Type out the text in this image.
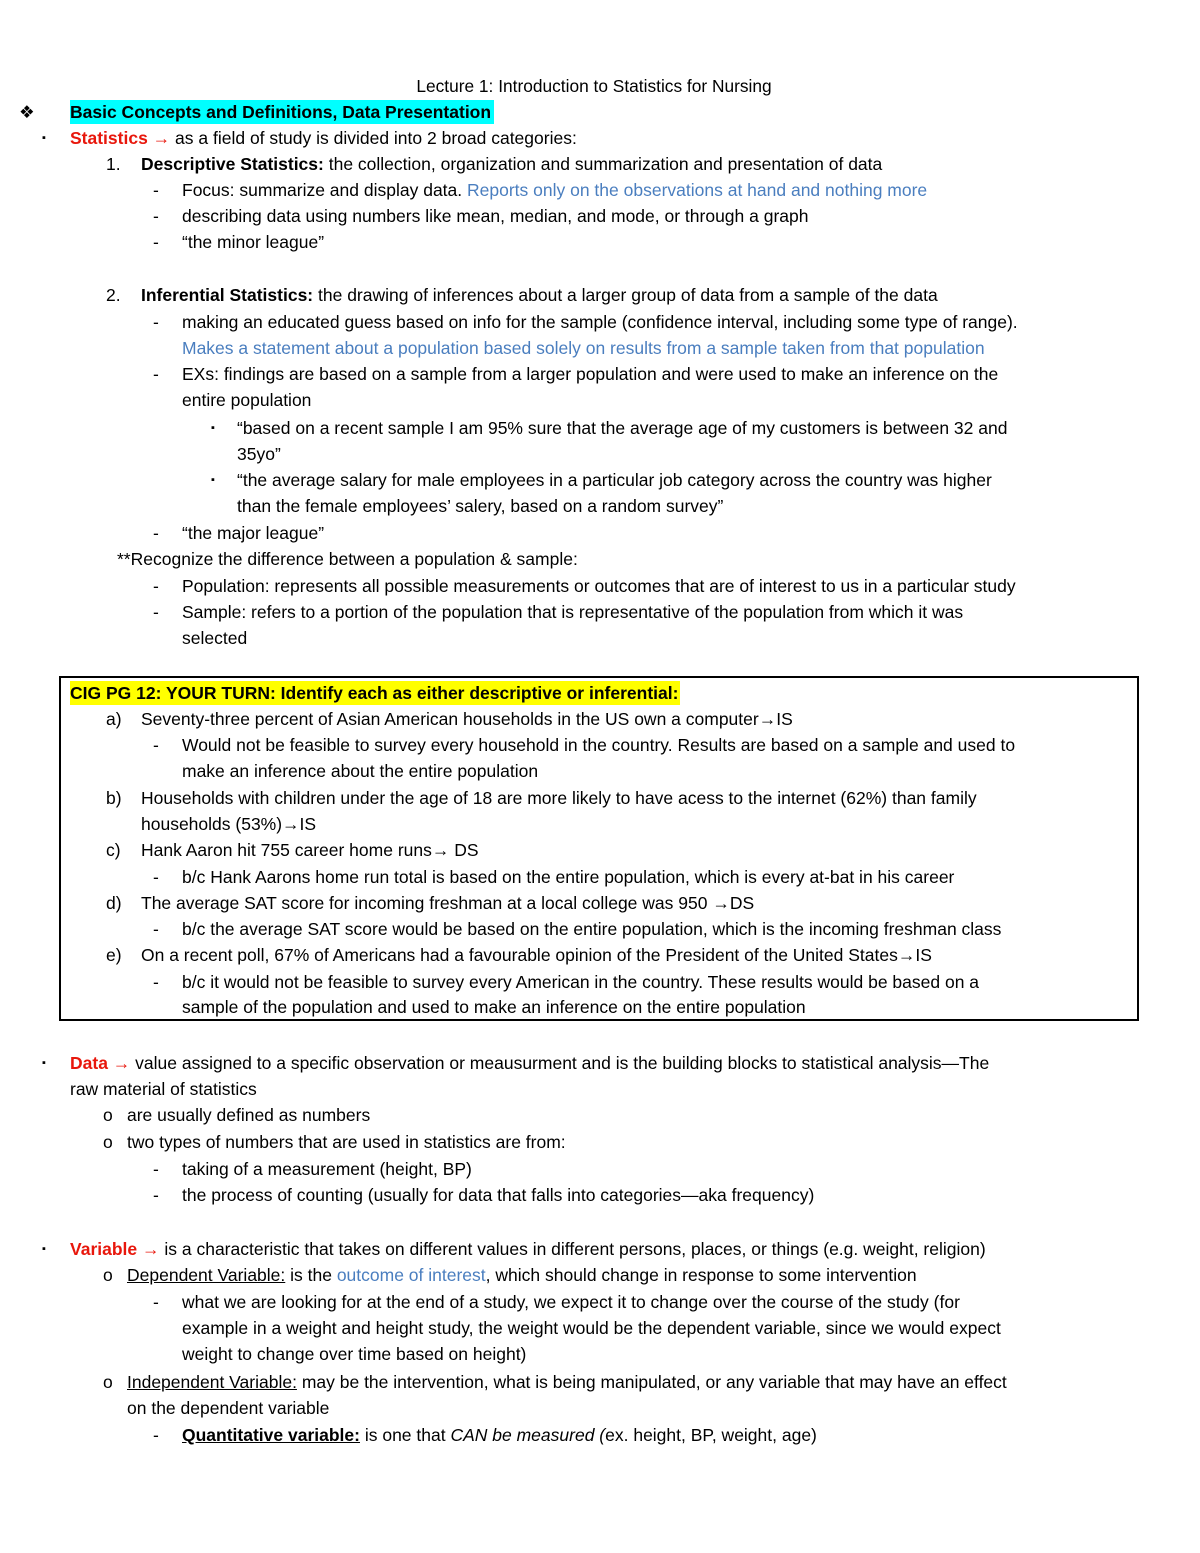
Lecture 1: Introduction to Statistics for Nursing
❖ Basic Concepts and Definitions, Data Presentation
▪ Statistics → as a field of study is divided into 2 broad categories:
1. Descriptive Statistics: the collection, organization and summarization and presentation of data
- Focus: summarize and display data. Reports only on the observations at hand and nothing more
- describing data using numbers like mean, median, and mode, or through a graph
- “the minor league”
2. Inferential Statistics: the drawing of inferences about a larger group of data from a sample of the data
- making an educated guess based on info for the sample (confidence interval, including some type of range).
Makes a statement about a population based solely on results from a sample taken from that population
- EXs: findings are based on a sample from a larger population and were used to make an inference on the
entire population
▪ “based on a recent sample I am 95% sure that the average age of my customers is between 32 and
35yo”
▪ “the average salary for male employees in a particular job category across the country was higher
than the female employees’ salery, based on a random survey”
- “the major league”
**Recognize the difference between a population & sample:
- Population: represents all possible measurements or outcomes that are of interest to us in a particular study
- Sample: refers to a portion of the population that is representative of the population from which it was
selected
CIG PG 12: YOUR TURN: Identify each as either descriptive or inferential:
a) Seventy-three percent of Asian American households in the US own a computer→IS
- Would not be feasible to survey every household in the country. Results are based on a sample and used to
make an inference about the entire population
b) Households with children under the age of 18 are more likely to have acess to the internet (62%) than family
households (53%)→IS
c) Hank Aaron hit 755 career home runs→ DS
- b/c Hank Aarons home run total is based on the entire population, which is every at-bat in his career
d) The average SAT score for incoming freshman at a local college was 950 →DS
- b/c the average SAT score would be based on the entire population, which is the incoming freshman class
e) On a recent poll, 67% of Americans had a favourable opinion of the President of the United States→IS
- b/c it would not be feasible to survey every American in the country. These results would be based on a
sample of the population and used to make an inference on the entire population
▪ Data → value assigned to a specific observation or meausurment and is the building blocks to statistical analysis—The
raw material of statistics
o are usually defined as numbers
o two types of numbers that are used in statistics are from:
- taking of a measurement (height, BP)
- the process of counting (usually for data that falls into categories—aka frequency)
▪ Variable → is a characteristic that takes on different values in different persons, places, or things (e.g. weight, religion)
o Dependent Variable: is the outcome of interest, which should change in response to some intervention
- what we are looking for at the end of a study, we expect it to change over the course of the study (for
example in a weight and height study, the weight would be the dependent variable, since we would expect
weight to change over time based on height)
o Independent Variable: may be the intervention, what is being manipulated, or any variable that may have an effect
on the dependent variable
- Quantitative variable: is one that CAN be measured (ex. height, BP, weight, age)
